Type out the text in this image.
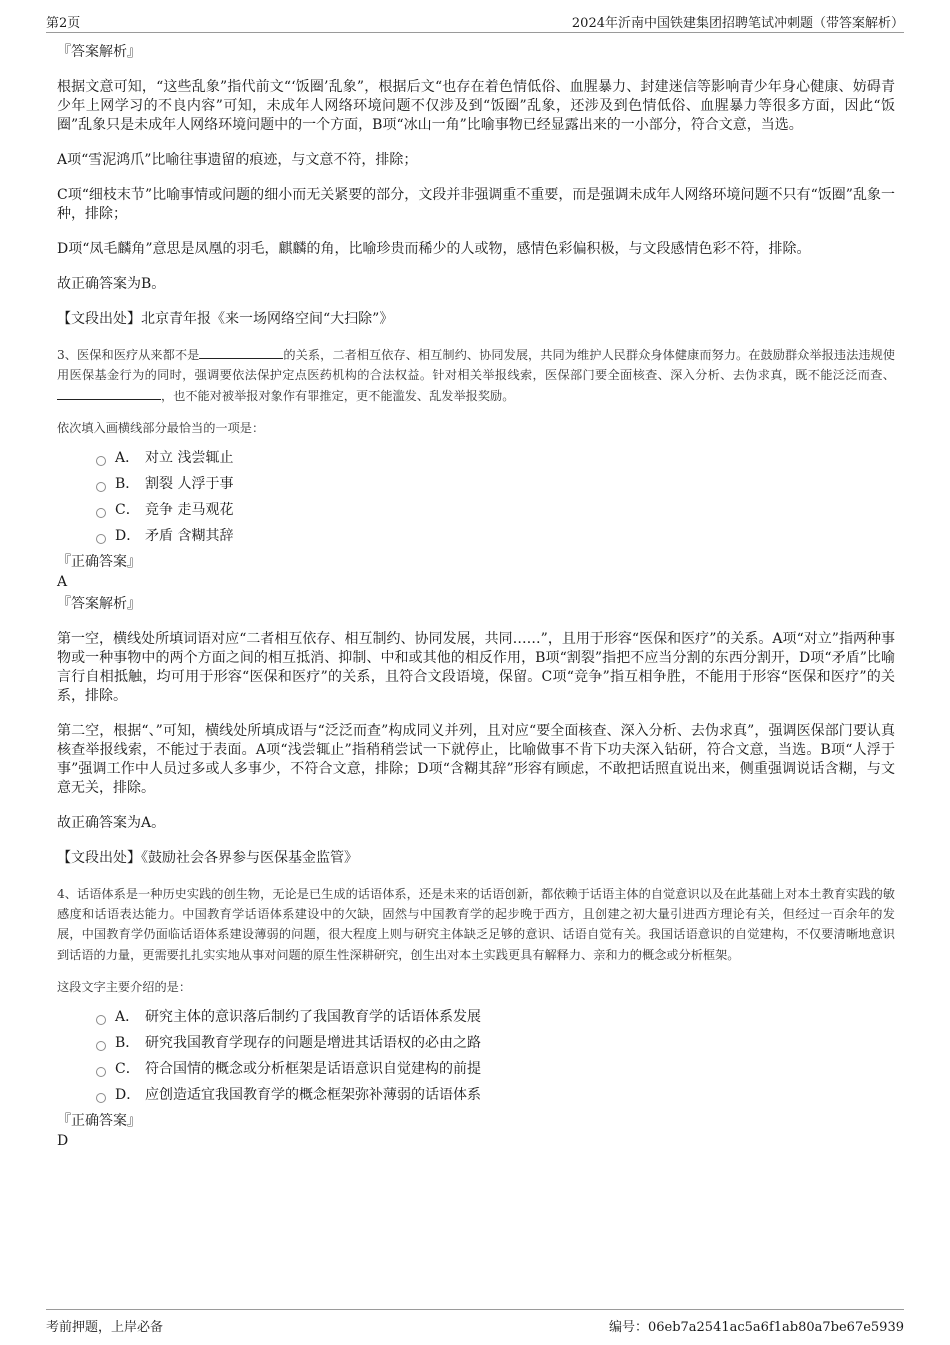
第2页	2024年沂南中国铁建集团招聘笔试冲刺题（带答案解析）

『答案解析』

根据文意可知，“这些乱象”指代前文“‘饭圈’乱象”，根据后文“也存在着色情低俗、血腥暴力、封建迷信等影响青少年身心健康、妨碍青少年上网学习的不良内容”可知，未成年人网络环境问题不仅涉及到“饭圈”乱象，还涉及到色情低俗、血腥暴力等很多方面，因此“饭圈”乱象只是未成年人网络环境问题中的一个方面，B项“冰山一角”比喻事物已经显露出来的一小部分，符合文意，当选。

A项“雪泥鸿爪”比喻往事遗留的痕迹，与文意不符，排除；

C项“细枝末节”比喻事情或问题的细小而无关紧要的部分，文段并非强调重不重要，而是强调未成年人网络环境问题不只有“饭圈”乱象一种，排除；

D项“凤毛麟角”意思是凤凰的羽毛，麒麟的角，比喻珍贵而稀少的人或物，感情色彩偏积极，与文段感情色彩不符，排除。

故正确答案为B。

【文段出处】北京青年报《来一场网络空间“大扫除”》

3、医保和医疗从来都不是	的关系，二者相互依存、相互制约、协同发展，共同为维护人民群众身体健康而努力。在鼓励群众举报违法违规使用医保基金行为的同时，强调要依法保护定点医药机构的合法权益。针对相关举报线索，医保部门要全面核查、深入分析、去伪求真，既不能泛泛而查、，也不能对被举报对象作有罪推定，更不能滥发、乱发举报奖励。

依次填入画横线部分最恰当的一项是：

A． 对立 浅尝辄止
B． 割裂 人浮于事
C． 竞争 走马观花
D． 矛盾 含糊其辞

『正确答案』

A

『答案解析』

第一空，横线处所填词语对应“二者相互依存、相互制约、协同发展，共同……”，且用于形容“医保和医疗”的关系。A项“对立”指两种事物或一种事物中的两个方面之间的相互抵消、抑制、中和或其他的相反作用，B项“割裂”指把不应当分割的东西分割开，D项“矛盾”比喻言行自相抵触，均可用于形容“医保和医疗”的关系，且符合文段语境，保留。C项“竞争”指互相争胜，不能用于形容“医保和医疗”的关系，排除。

第二空，根据“、”可知，横线处所填成语与“泛泛而查”构成同义并列，且对应“要全面核查、深入分析、去伪求真”，强调医保部门要认真核查举报线索，不能过于表面。A项“浅尝辄止”指稍稍尝试一下就停止，比喻做事不肯下功夫深入钻研，符合文意，当选。B项“人浮于事”强调工作中人员过多或人多事少，不符合文意，排除；D项“含糊其辞”形容有顾虑，不敢把话照直说出来，侧重强调说话含糊，与文意无关，排除。

故正确答案为A。

【文段出处】《鼓励社会各界参与医保基金监管》

4、话语体系是一种历史实践的创生物，无论是已生成的话语体系，还是未来的话语创新，都依赖于话语主体的自觉意识以及在此基础上对本土教育实践的敏感度和话语表达能力。中国教育学话语体系建设中的欠缺，固然与中国教育学的起步晚于西方，且创建之初大量引进西方理论有关，但经过一百余年的发展，中国教育学仍面临话语体系建设薄弱的问题，很大程度上则与研究主体缺乏足够的意识、话语自觉有关。我国话语意识的自觉建构，不仅要清晰地意识到话语的力量，更需要扎扎实实地从事对问题的原生性深耕研究，创生出对本土实践更具有解释力、亲和力的概念或分析框架。

这段文字主要介绍的是：

A． 研究主体的意识落后制约了我国教育学的话语体系发展
B． 研究我国教育学现存的问题是增进其话语权的必由之路
C． 符合国情的概念或分析框架是话语意识自觉建构的前提
D． 应创造适宜我国教育学的概念框架弥补薄弱的话语体系

『正确答案』

D

考前押题，上岸必备	编号：06eb7a2541ac5a6f1ab80a7be67e5939
